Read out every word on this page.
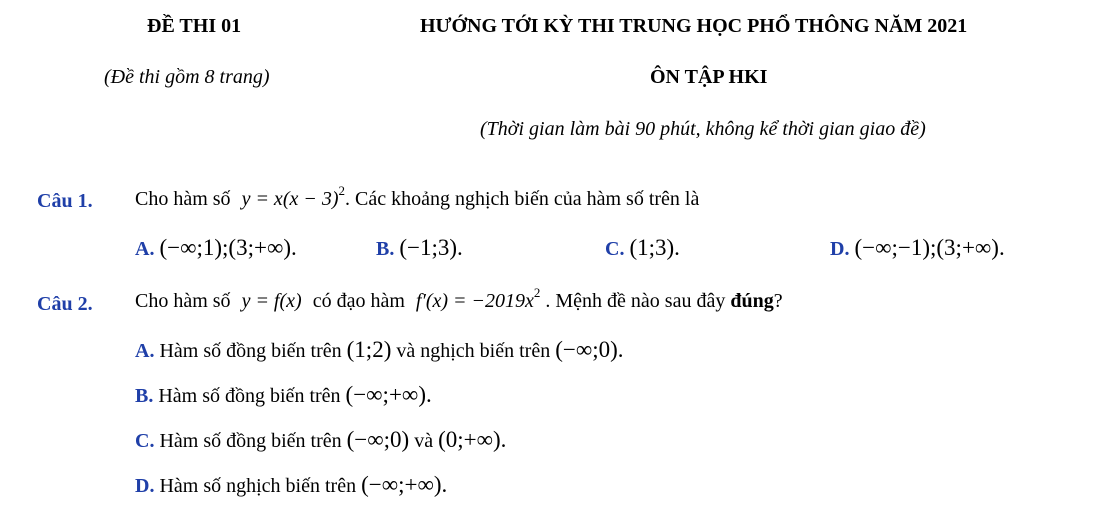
ĐỀ THI 01	HƯỚNG TỚI KỲ THI TRUNG HỌC PHỔ THÔNG NĂM 2021
(Đề thi gồm 8 trang)	ÔN TẬP HKI
(Thời gian làm bài 90 phút, không kể thời gian giao đề)
Câu 1. Cho hàm số $y = x(x - 3)^2$. Các khoảng nghịch biến của hàm số trên là
A. (−∞;1);(3;+∞).	B. (−1;3).	C. (1;3).	D. (−∞;−1);(3;+∞).
Câu 2. Cho hàm số y = f(x) có đạo hàm $f'(x) = -2019x^2$ . Mệnh đề nào sau đây đúng?
A. Hàm số đồng biến trên (1;2) và nghịch biến trên (−∞;0).
B. Hàm số đồng biến trên (−∞;+∞).
C. Hàm số đồng biến trên (−∞;0) và (0;+∞).
D. Hàm số nghịch biến trên (−∞;+∞).
